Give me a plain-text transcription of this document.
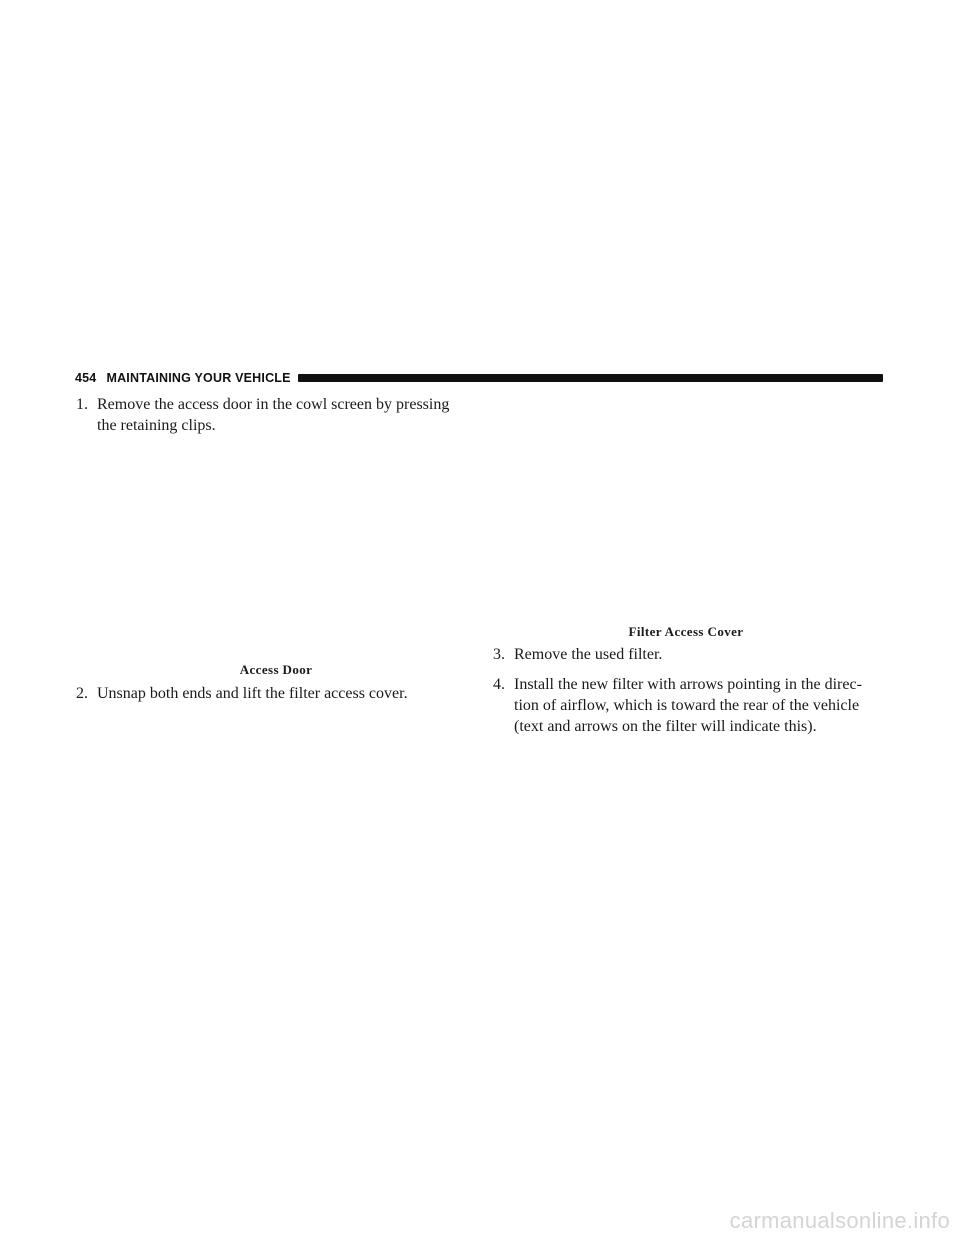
454 MAINTAINING YOUR VEHICLE
1. Remove the access door in the cowl screen by pressing
the retaining clips.
Access Door
2. Unsnap both ends and lift the filter access cover.
Filter Access Cover
3. Remove the used filter.
4. Install the new filter with arrows pointing in the direc-
tion of airflow, which is toward the rear of the vehicle
(text and arrows on the filter will indicate this).
carmanualsonline.info
